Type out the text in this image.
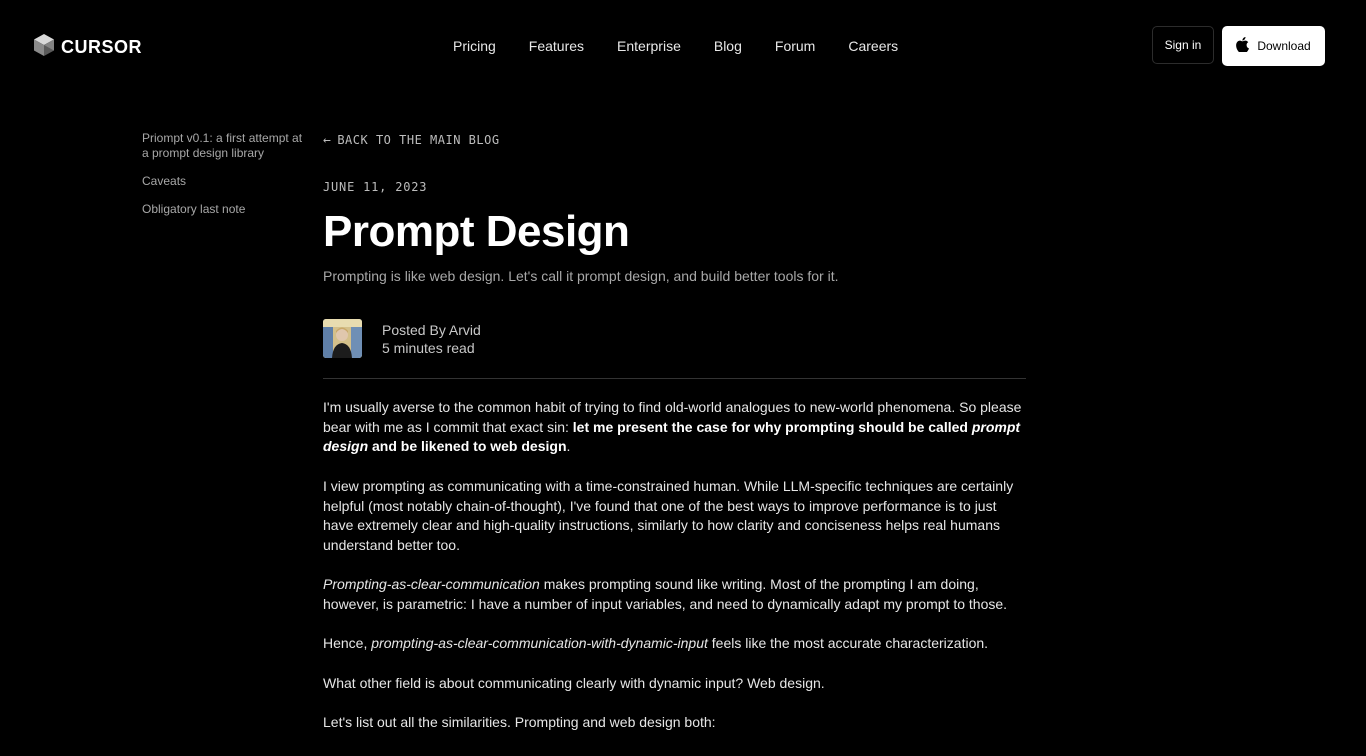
CURSOR	Pricing Features Enterprise Blog Forum Careers	Sign in	Download
Priompt v0.1: a first attempt at a prompt design library
Caveats
Obligatory last note
← BACK TO THE MAIN BLOG
JUNE 11, 2023
Prompt Design
Prompting is like web design. Let's call it prompt design, and build better tools for it.
Posted By Arvid
5 minutes read

I'm usually averse to the common habit of trying to find old-world analogues to new-world phenomena. So please bear with me as I commit that exact sin: let me present the case for why prompting should be called prompt design and be likened to web design.

I view prompting as communicating with a time-constrained human. While LLM-specific techniques are certainly helpful (most notably chain-of-thought), I've found that one of the best ways to improve performance is to just have extremely clear and high-quality instructions, similarly to how clarity and conciseness helps real humans understand better too.

Prompting-as-clear-communication makes prompting sound like writing. Most of the prompting I am doing, however, is parametric: I have a number of input variables, and need to dynamically adapt my prompt to those.

Hence, prompting-as-clear-communication-with-dynamic-input feels like the most accurate characterization.

What other field is about communicating clearly with dynamic input? Web design.

Let's list out all the similarities. Prompting and web design both:
